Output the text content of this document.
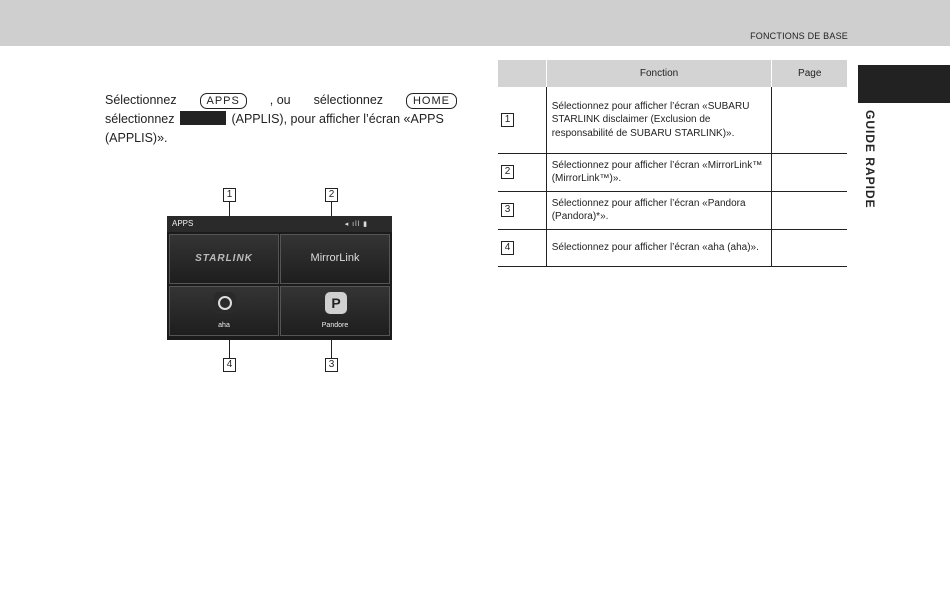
FONCTIONS DE BASE
GUIDE RAPIDE
Sélectionnez	APPS	, ou sélectionnez	HOME
sélectionnez	(APPLIS), pour afficher l’écran «APPS
(APPLIS)».
1	2
4	3
APPS	◂ ıll ▮
STARLINK	MirrorLink
aha
P
Pandore
	Fonction	Page
1	Sélectionnez pour afficher l’écran «SUBARU STARLINK disclaimer (Exclusion de responsabilité de SUBARU STARLINK)».	
2	Sélectionnez pour afficher l’écran «MirrorLink™ (MirrorLink™)».	
3	Sélectionnez pour afficher l’écran «Pandora (Pandora)*».	
4	Sélectionnez pour afficher l’écran «aha (aha)».	
